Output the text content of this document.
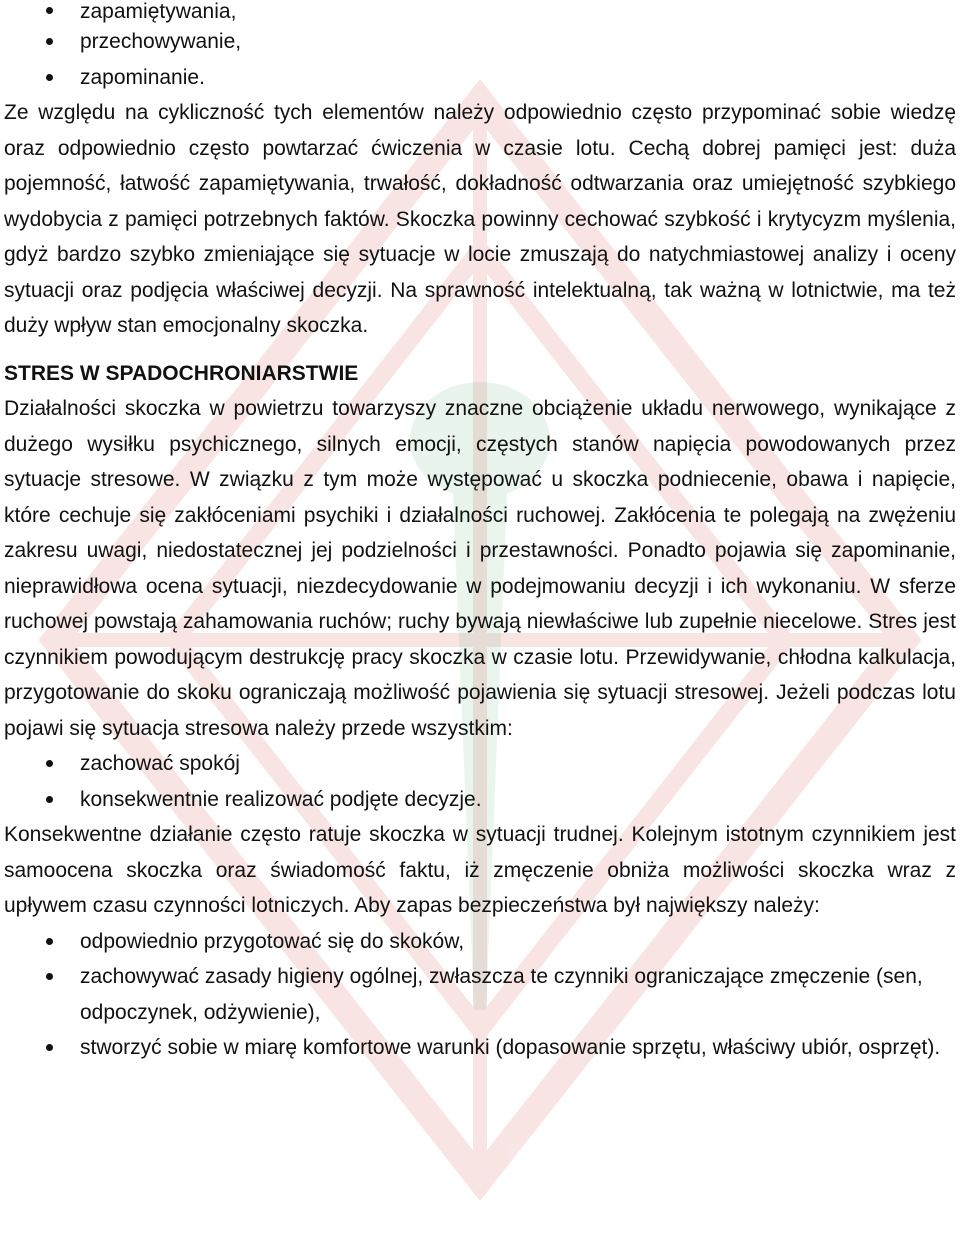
zapamiętywania,
przechowywanie,
zapominanie.

Ze względu na cykliczność tych elementów należy odpowiednio często przypominać sobie wiedzę oraz odpowiednio często powtarzać ćwiczenia w czasie lotu. Cechą dobrej pamięci jest: duża pojemność, łatwość zapamiętywania, trwałość, dokładność odtwarzania oraz umiejętność szybkiego wydobycia z pamięci potrzebnych faktów. Skoczka powinny cechować szybkość i krytycyzm myślenia, gdyż bardzo szybko zmieniające się sytuacje w locie zmuszają do natychmiastowej analizy i oceny sytuacji oraz podjęcia właściwej decyzji. Na sprawność intelektualną, tak ważną w lotnictwie, ma też duży wpływ stan emocjonalny skoczka.

STRES W SPADOCHRONIARSTWIE

Działalności skoczka w powietrzu towarzyszy znaczne obciążenie układu nerwowego, wynikające z dużego wysiłku psychicznego, silnych emocji, częstych stanów napięcia powodowanych przez sytuacje stresowe. W związku z tym może występować u skoczka podniecenie, obawa i napięcie, które cechuje się zakłóceniami psychiki i działalności ruchowej. Zakłócenia te polegają na zwężeniu zakresu uwagi, niedostatecznej jej podzielności i przestawności. Ponadto pojawia się zapominanie, nieprawidłowa ocena sytuacji, niezdecydowanie w podejmowaniu decyzji i ich wykonaniu. W sferze ruchowej powstają zahamowania ruchów; ruchy bywają niewłaściwe lub zupełnie niecelowe. Stres jest czynnikiem powodującym destrukcję pracy skoczka w czasie lotu. Przewidywanie, chłodna kalkulacja, przygotowanie do skoku ograniczają możliwość pojawienia się sytuacji stresowej. Jeżeli podczas lotu pojawi się sytuacja stresowa należy przede wszystkim:

zachować spokój
konsekwentnie realizować podjęte decyzje.

Konsekwentne działanie często ratuje skoczka w sytuacji trudnej. Kolejnym istotnym czynnikiem jest samoocena skoczka oraz świadomość faktu, iż zmęczenie obniża możliwości skoczka wraz z upływem czasu czynności lotniczych. Aby zapas bezpieczeństwa był największy należy:

odpowiednio przygotować się do skoków,
zachowywać zasady higieny ogólnej, zwłaszcza te czynniki ograniczające zmęczenie (sen, odpoczynek, odżywienie),
stworzyć sobie w miarę komfortowe warunki (dopasowanie sprzętu, właściwy ubiór, osprzęt).
